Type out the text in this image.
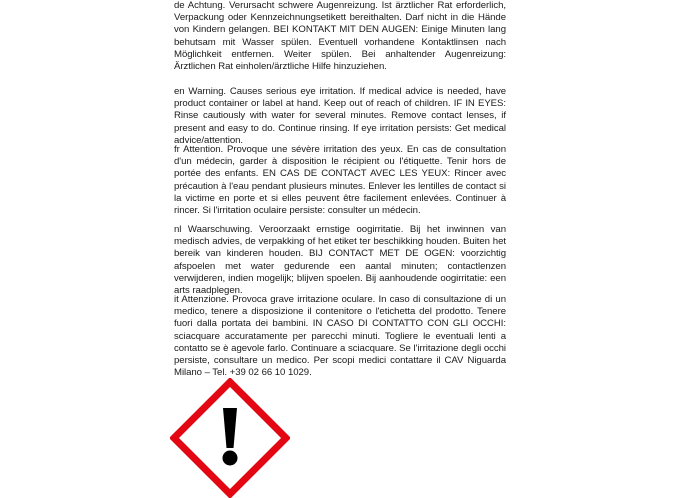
de Achtung. Verursacht schwere Augenreizung. Ist ärztlicher Rat erforderlich, Verpackung oder Kennzeichnungsetikett bereithalten. Darf nicht in die Hände von Kindern gelangen. BEI KONTAKT MIT DEN AUGEN: Einige Minuten lang behutsam mit Wasser spülen. Eventuell vorhandene Kontaktlinsen nach Möglichkeit entfernen. Weiter spülen. Bei anhaltender Augenreizung: Ärztlichen Rat einholen/ärztliche Hilfe hinzuziehen.

en Warning. Causes serious eye irritation. If medical advice is needed, have product container or label at hand. Keep out of reach of children. IF IN EYES: Rinse cautiously with water for several minutes. Remove contact lenses, if present and easy to do. Continue rinsing. If eye irritation persists: Get medical advice/attention.

fr Attention. Provoque une sévère irritation des yeux. En cas de consultation d'un médecin, garder à disposition le récipient ou l'étiquette. Tenir hors de portée des enfants. EN CAS DE CONTACT AVEC LES YEUX: Rincer avec précaution à l'eau pendant plusieurs minutes. Enlever les lentilles de contact si la victime en porte et si elles peuvent être facilement enlevées. Continuer à rincer. Si l'irritation oculaire persiste: consulter un médecin.

nl Waarschuwing. Veroorzaakt ernstige oogirritatie. Bij het inwinnen van medisch advies, de verpakking of het etiket ter beschikking houden. Buiten het bereik van kinderen houden. BIJ CONTACT MET DE OGEN: voorzichtig afspoelen met water gedurende een aantal minuten; contactlenzen verwijderen, indien mogelijk; blijven spoelen. Bij aanhoudende oogirritatie: een arts raadplegen.

it Attenzione. Provoca grave irritazione oculare. In caso di consultazione di un medico, tenere a disposizione il contenitore o l'etichetta del prodotto. Tenere fuori dalla portata dei bambini. IN CASO DI CONTATTO CON GLI OCCHI: sciacquare accuratamente per parecchi minuti. Togliere le eventuali lenti a contatto se è agevole farlo. Continuare a sciacquare. Se l'irritazione degli occhi persiste, consultare un medico. Per scopi medici contattare il CAV Niguarda Milano – Tel. +39 02 66 10 1029.
